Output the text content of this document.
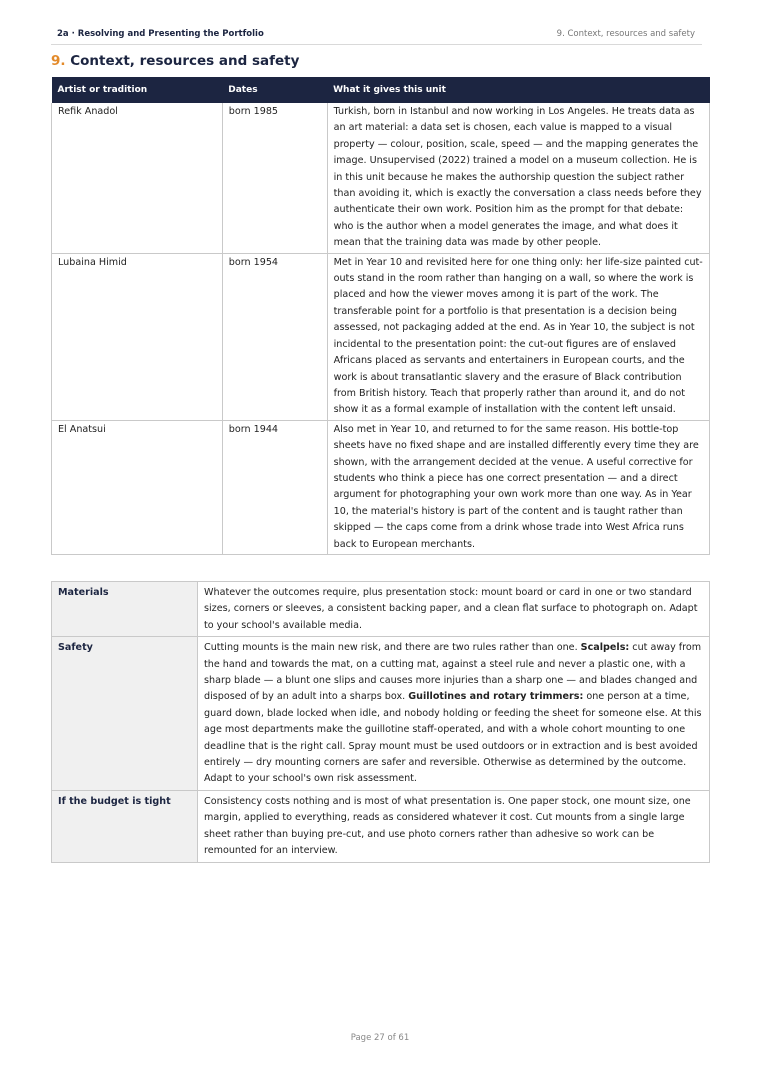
2a · Resolving and Presenting the Portfolio	9. Context, resources and safety
9. Context, resources and safety
Artist or tradition	Dates	What it gives this unit
Refik Anadol	born 1985	Turkish, born in Istanbul and now working in Los Angeles. He treats data as an art material: a data set is chosen, each value is mapped to a visual property — colour, position, scale, speed — and the mapping generates the image. Unsupervised (2022) trained a model on a museum collection. He is in this unit because he makes the authorship question the subject rather than avoiding it, which is exactly the conversation a class needs before they authenticate their own work. Position him as the prompt for that debate: who is the author when a model generates the image, and what does it mean that the training data was made by other people.
Lubaina Himid	born 1954	Met in Year 10 and revisited here for one thing only: her life-size painted cut-outs stand in the room rather than hanging on a wall, so where the work is placed and how the viewer moves among it is part of the work. The transferable point for a portfolio is that presentation is a decision being assessed, not packaging added at the end. As in Year 10, the subject is not incidental to the presentation point: the cut-out figures are of enslaved Africans placed as servants and entertainers in European courts, and the work is about transatlantic slavery and the erasure of Black contribution from British history. Teach that properly rather than around it, and do not show it as a formal example of installation with the content left unsaid.
El Anatsui	born 1944	Also met in Year 10, and returned to for the same reason. His bottle-top sheets have no fixed shape and are installed differently every time they are shown, with the arrangement decided at the venue. A useful corrective for students who think a piece has one correct presentation — and a direct argument for photographing your own work more than one way. As in Year 10, the material's history is part of the content and is taught rather than skipped — the caps come from a drink whose trade into West Africa runs back to European merchants.
Materials	Whatever the outcomes require, plus presentation stock: mount board or card in one or two standard sizes, corners or sleeves, a consistent backing paper, and a clean flat surface to photograph on. Adapt to your school's available media.
Safety	Cutting mounts is the main new risk, and there are two rules rather than one. Scalpels: cut away from the hand and towards the mat, on a cutting mat, against a steel rule and never a plastic one, with a sharp blade — a blunt one slips and causes more injuries than a sharp one — and blades changed and disposed of by an adult into a sharps box. Guillotines and rotary trimmers: one person at a time, guard down, blade locked when idle, and nobody holding or feeding the sheet for someone else. At this age most departments make the guillotine staff-operated, and with a whole cohort mounting to one deadline that is the right call. Spray mount must be used outdoors or in extraction and is best avoided entirely — dry mounting corners are safer and reversible. Otherwise as determined by the outcome. Adapt to your school's own risk assessment.
If the budget is tight	Consistency costs nothing and is most of what presentation is. One paper stock, one mount size, one margin, applied to everything, reads as considered whatever it cost. Cut mounts from a single large sheet rather than buying pre-cut, and use photo corners rather than adhesive so work can be remounted for an interview.
Page 27 of 61
